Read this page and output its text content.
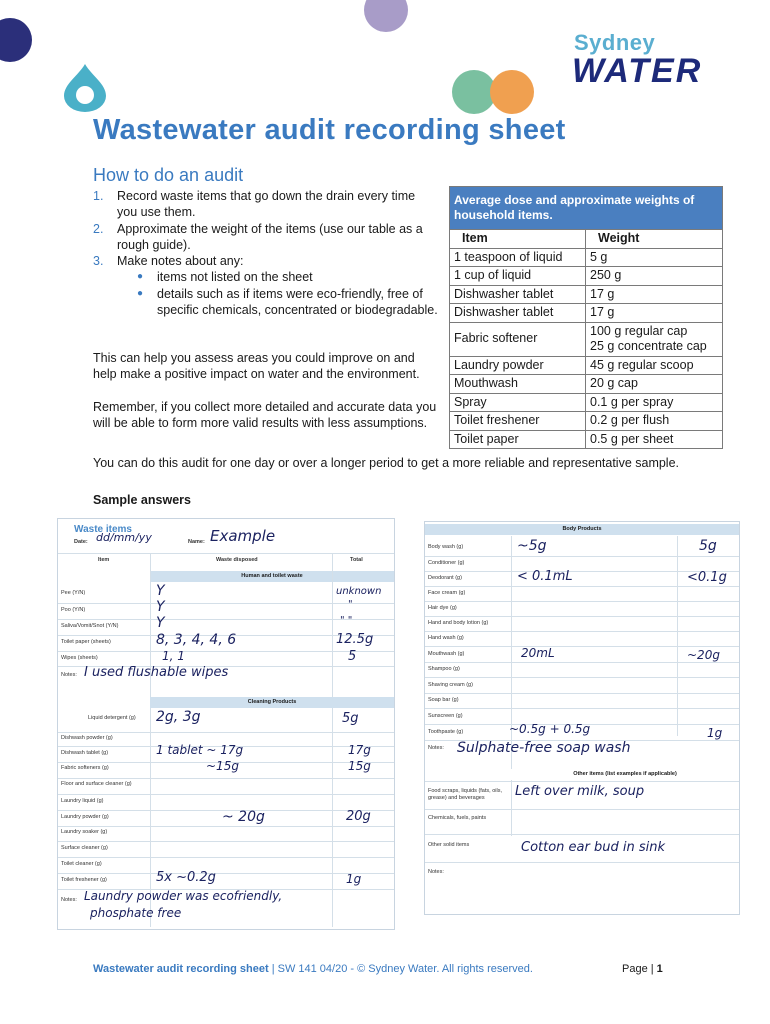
Sydney
WATER
Wastewater audit recording sheet
How to do an audit
1.	Record waste items that go down the drain every time you use them.
2.	Approximate the weight of the items (use our table as a rough guide).
3.	Make notes about any:
●	items not listed on the sheet
●	details such as if items were eco-friendly, free of specific chemicals, concentrated or biodegradable.

This can help you assess areas you could improve on and help make a positive impact on water and the environment.

Remember, if you collect more detailed and accurate data you will be able to form more valid results with less assumptions.

You can do this audit for one day or over a longer period to get a more reliable and representative sample.

Average dose and approximate weights of household items.	
Item	Weight
1 teaspoon of liquid	5 g
1 cup of liquid	250 g
Dishwasher tablet	17 g
Dishwasher tablet	17 g
Fabric softener	100 g regular cap
25 g concentrate cap

Laundry powder	45 g regular scoop
Mouthwash	20 g cap
Spray	0.1 g per spray
Toilet freshener	0.2 g per flush
Toilet paper	0.5 g per sheet
Sample answers
Waste items
Date: dd/mm/yy	Name: Example
Item	Waste disposed	Total
Human and toilet waste
Pee (Y/N)	Y	unknown
Poo (Y/N)	Y	"
Saliva/Vomit/Snot (Y/N)	Y	" "
Toilet paper (sheets)	8, 3, 4, 4, 6	12.5g
Wipes (sheets)	1, 1	5
Notes: I used flushable wipes
Cleaning Products
Liquid detergent (g) 2g, 3g	5g
Dishwash powder (g)
Dishwash tablet (g)	1 tablet ~ 17g	17g
Fabric softeners (g)	~15g	15g
Floor and surface cleaner (g)
Laundry liquid (g)
Laundry powder (g)	~ 20g	20g
Laundry soaker (g)
Surface cleaner (g)
Toilet cleaner (g)
Toilet freshener (g)	5x ~0.2g	1g
Notes: Laundry powder was ecofriendly,
phosphate free
Body Products
Body wash (g)	~5g	5g
Conditioner (g)
Deodorant (g)	< 0.1mL	<0.1g
Face cream (g)
Hair dye (g)
Hand and body lotion (g)
Hand wash (g)
Mouthwash (g)	20mL	~20g
Shampoo (g)
Shaving cream (g)
Soap bar (g)
Sunscreen (g)
Toothpaste (g)	~0.5g + 0.5g	1g
Notes: Sulphate-free soap wash
Other items (list examples if applicable)
Food scraps, liquids (fats, oils, grease) and beverages	Left over milk, soup
Chemicals, fuels, paints
Other solid items	Cotton ear bud in sink
Notes:
Wastewater audit recording sheet | SW 141 04/20 - © Sydney Water. All rights reserved.	Page | 1
